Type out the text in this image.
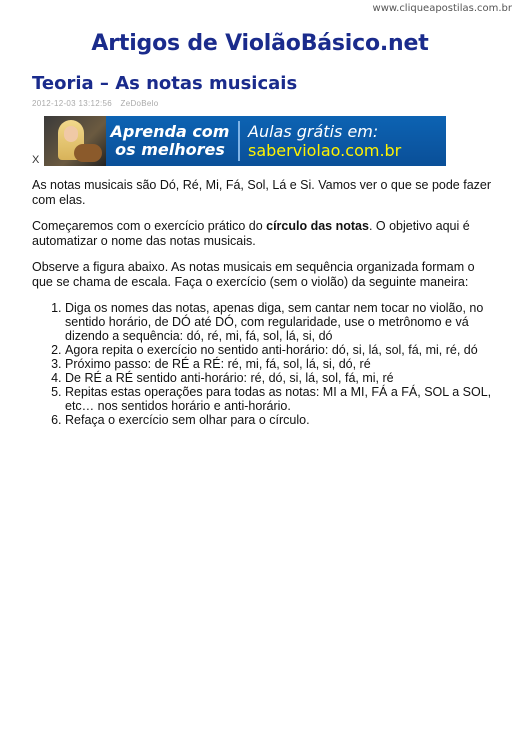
www.cliqueapostilas.com.br
Artigos de ViolãoBásico.net
Teoria – As notas musicais
2012-12-03 13:12:56 ZeDoBelo
X
Aprenda com
os melhores
Aulas grátis em:
saberviolao.com.br

As notas musicais são Dó, Ré, Mi, Fá, Sol, Lá e Si. Vamos ver o que se pode fazer com elas.

Começaremos com o exercício prático do círculo das notas. O objetivo aqui é automatizar o nome das notas musicais.

Observe a figura abaixo. As notas musicais em sequência organizada formam o que se chama de escala. Faça o exercício (sem o violão) da seguinte maneira:

1. Diga os nomes das notas, apenas diga, sem cantar nem tocar no violão, no sentido horário, de DÓ até DÓ, com regularidade, use o metrônomo e vá dizendo a sequência: dó, ré, mi, fá, sol, lá, si, dó
2. Agora repita o exercício no sentido anti-horário: dó, si, lá, sol, fá, mi, ré, dó
3. Próximo passo: de RÉ a RÉ: ré, mi, fá, sol, lá, si, dó, ré
4. De RÉ a RÉ sentido anti-horário: ré, dó, si, lá, sol, fá, mi, ré
5. Repitas estas operações para todas as notas: MI a MI, FÁ a FÁ, SOL a SOL, etc… nos sentidos horário e anti-horário.
6. Refaça o exercício sem olhar para o círculo.
